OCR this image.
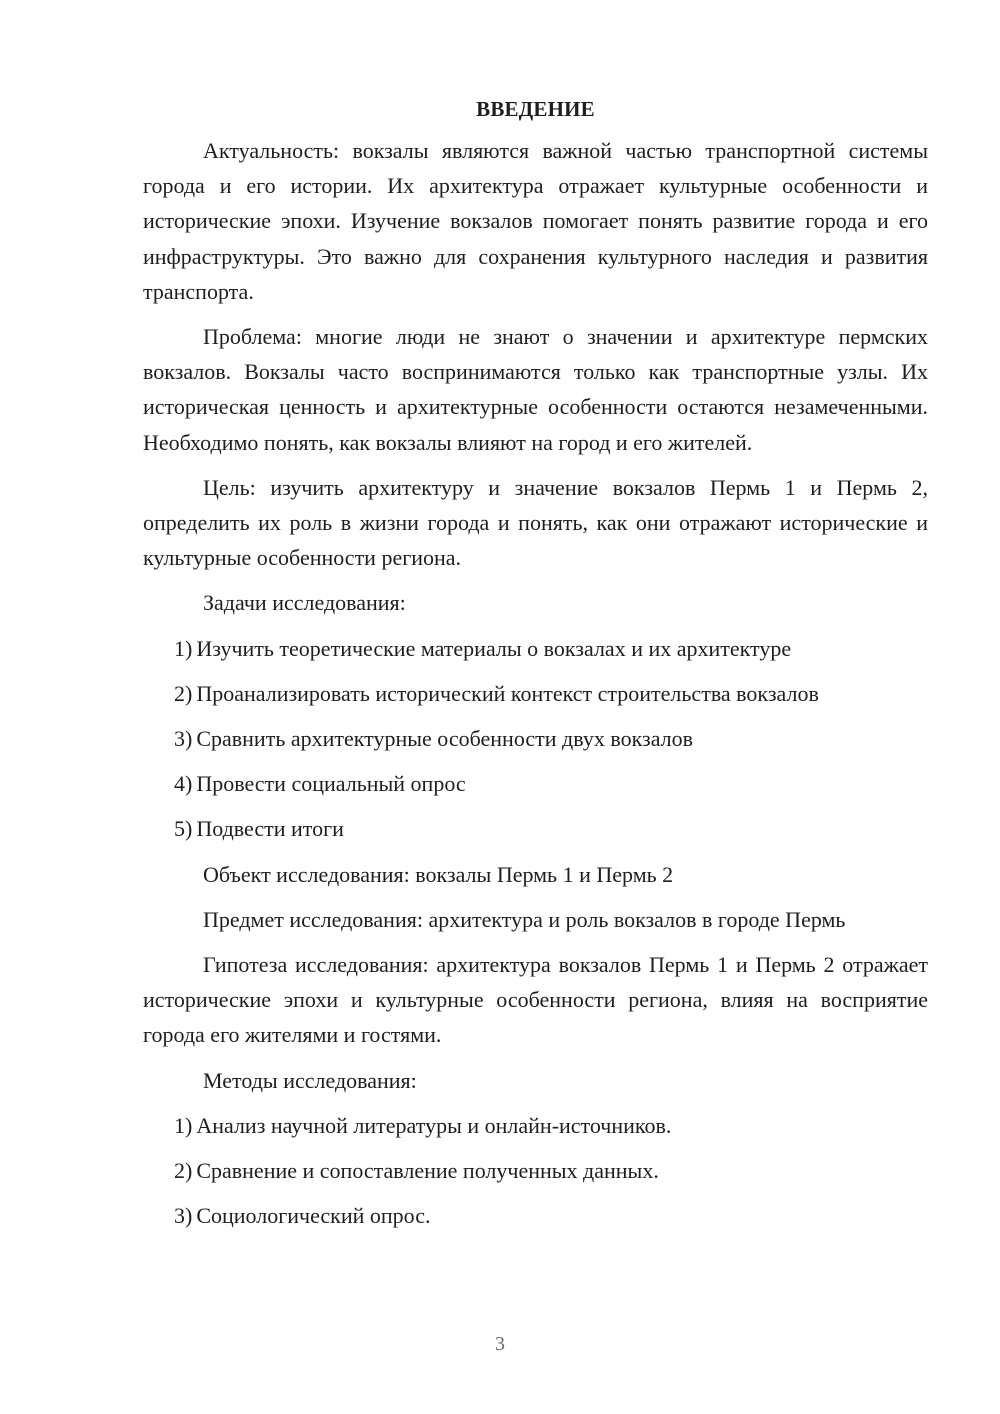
ВВЕДЕНИЕ

Актуальность: вокзалы являются важной частью транспортной системы города и его истории. Их архитектура отражает культурные особенности и исторические эпохи. Изучение вокзалов помогает понять развитие города и его инфраструктуры. Это важно для сохранения культурного наследия и развития транспорта.

Проблема: многие люди не знают о значении и архитектуре пермских вокзалов. Вокзалы часто воспринимаются только как транспортные узлы. Их историческая ценность и архитектурные особенности остаются незамеченными. Необходимо понять, как вокзалы влияют на город и его жителей.

Цель: изучить архитектуру и значение вокзалов Пермь 1 и Пермь 2, определить их роль в жизни города и понять, как они отражают исторические и культурные особенности региона.

Задачи исследования:

1) Изучить теоретические материалы о вокзалах и их архитектуре

2) Проанализировать исторический контекст строительства вокзалов

3) Сравнить архитектурные особенности двух вокзалов

4) Провести социальный опрос

5) Подвести итоги

Объект исследования: вокзалы Пермь 1 и Пермь 2

Предмет исследования: архитектура и роль вокзалов в городе Пермь

Гипотеза исследования: архитектура вокзалов Пермь 1 и Пермь 2 отражает исторические эпохи и культурные особенности региона, влияя на восприятие города его жителями и гостями.

Методы исследования:

1) Анализ научной литературы и онлайн-источников.

2) Сравнение и сопоставление полученных данных.

3) Социологический опрос.

3
